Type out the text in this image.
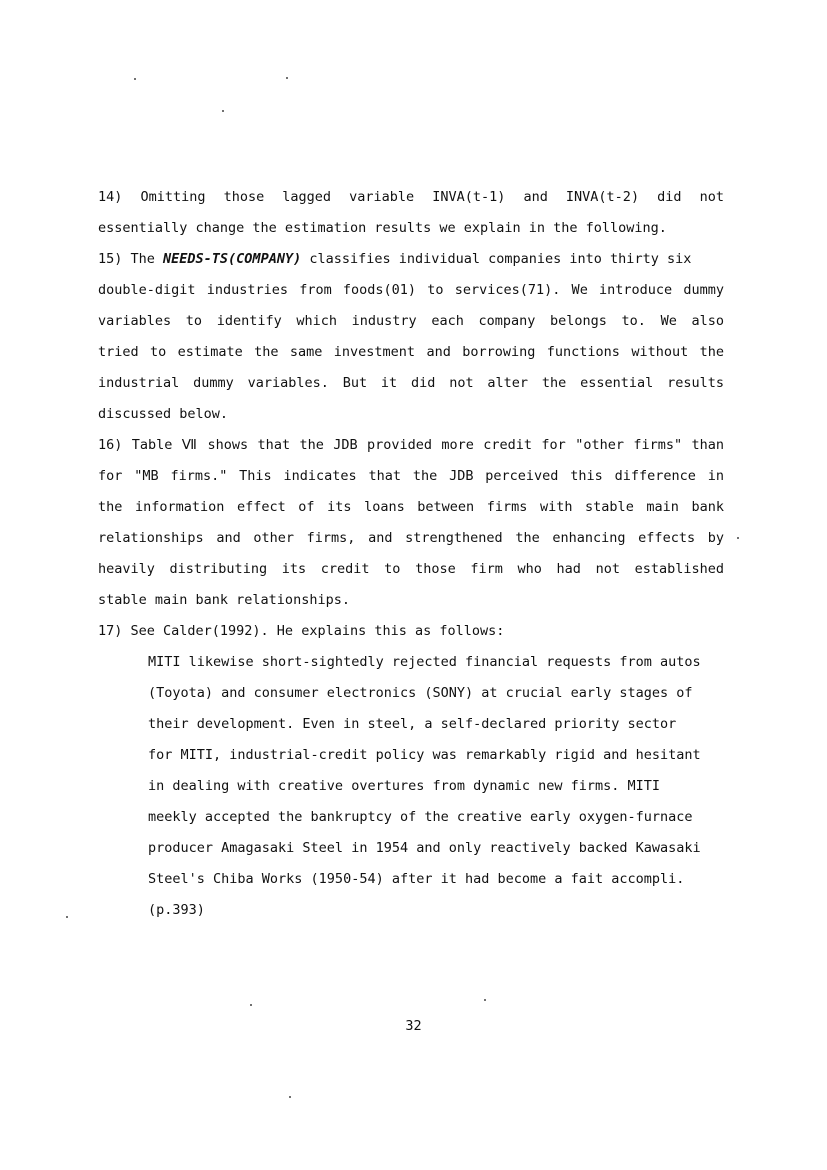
14) Omitting those lagged variable INVA(t-1) and INVA(t-2) did not
essentially change the estimation results we explain in the following.
15) The NEEDS-TS(COMPANY) classifies individual companies into thirty six
double-digit industries from foods(01) to services(71). We introduce dummy
variables to identify which industry each company belongs to. We also
tried to estimate the same investment and borrowing functions without the
industrial dummy variables. But it did not alter the essential results
discussed below.
16) Table Ⅶ shows that the JDB provided more credit for "other firms" than
for "MB firms." This indicates that the JDB perceived this difference in
the information effect of its loans between firms with stable main bank
relationships and other firms, and strengthened the enhancing effects by
heavily distributing its credit to those firm who had not established
stable main bank relationships.
17) See Calder(1992). He explains this as follows:
MITI likewise short-sightedly rejected financial requests from autos
(Toyota) and consumer electronics (SONY) at crucial early stages of
their development. Even in steel, a self-declared priority sector
for MITI, industrial-credit policy was remarkably rigid and hesitant
in dealing with creative overtures from dynamic new firms. MITI
meekly accepted the bankruptcy of the creative early oxygen-furnace
producer Amagasaki Steel in 1954 and only reactively backed Kawasaki
Steel's Chiba Works (1950-54) after it had become a fait accompli.
(p.393)
32
